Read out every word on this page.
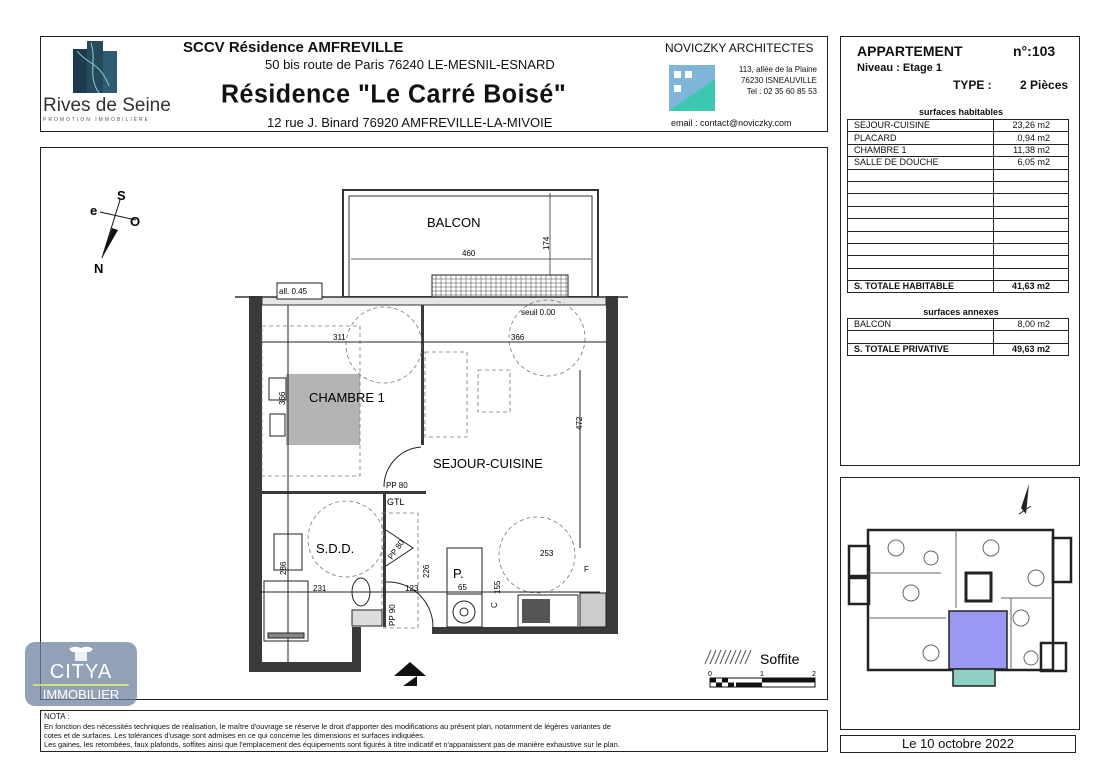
Rives de Seine
PROMOTION IMMOBILIÈRE
SCCV Résidence AMFREVILLE
50 bis route de Paris 76240 LE-MESNIL-ESNARD
Résidence "Le Carré Boisé"
12 rue J. Binard 76920 AMFREVILLE-LA-MIVOIE
NOVICZKY ARCHITECTES
113, allée de la Plaine
76230 ISNEAUVILLE
Tel : 02 35 60 85 53
email : contact@noviczky.com
APPARTEMENT	n°:103
Niveau : Etage 1
TYPE : 2 Pièces
surfaces habitables
SEJOUR-CUISINE	23,26 m2
PLACARD	0,94 m2
CHAMBRE 1	11,38 m2
SALLE DE DOUCHE	6,05 m2

S. TOTALE HABITABLE	41,63 m2
surfaces annexes
BALCON	8,00 m2

S. TOTALE PRIVATIVE	49,63 m2
Le 10 octobre 2022
S
e
O
N
BALCON
CHAMBRE 1
SEJOUR-CUISINE
S.D.D.
P.
all. 0.45
seuil 0.00
460
174
311	366
366
472
PP 80
GTL
PP 80
286	226
65	155
253
231	123
PP 90
F
C
Soffite
0	1	2
NOTA :
En fonction des nécessités techniques de réalisation, le maître d'ouvrage se réserve le droit d'apporter des modifications au présent plan, notamment de légères variantes de
cotes et de surfaces. Les tolérances d'usage sont admises en ce qui concerne les dimensions et surfaces indiquées.
Les gaines, les retombées, faux plafonds, soffites ainsi que l'emplacement des équipements sont figurés à titre indicatif et n'apparaissent pas de manière exhaustive sur le plan.
CITYA
IMMOBILIER
